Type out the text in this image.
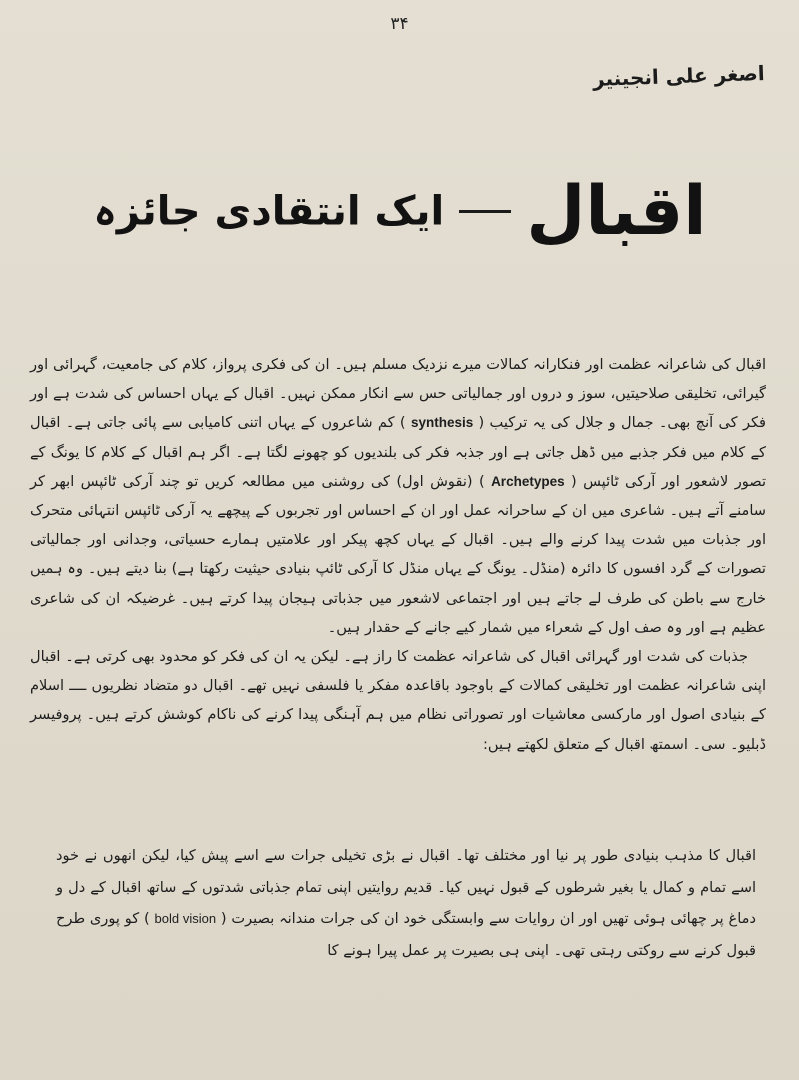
۳۴
اصغر علی انجینیر
اقبال  ایک انتقادی جائزہ

اقبال کی شاعرانہ عظمت اور فنکارانہ کمالات میرے نزدیک مسلم ہیں۔ ان کی فکری پرواز، کلام کی جامعیت، گہرائی اور گیرائی، تخلیقی صلاحیتیں، سوز و دروں اور جمالیاتی حس سے انکار ممکن نہیں۔ اقبال کے یہاں احساس کی شدت ہے اور فکر کی آنچ بھی۔ جمال و جلال کی یہ ترکیب ( synthesis ) کم شاعروں کے یہاں اتنی کامیابی سے پائی جاتی ہے۔ اقبال کے کلام میں فکر جذبے میں ڈھل جاتی ہے اور جذبہ فکر کی بلندیوں کو چھونے لگتا ہے۔ اگر ہم اقبال کے کلام کا یونگ کے تصور لاشعور اور آرکی ٹائپس ( Archetypes ) (نقوش اول) کی روشنی میں مطالعہ کریں تو چند آرکی ٹائپس ابھر کر سامنے آتے ہیں۔ شاعری میں ان کے ساحرانہ عمل اور ان کے احساس اور تجربوں کے پیچھے یہ آرکی ٹائپس انتہائی متحرک اور جذبات میں شدت پیدا کرنے والے ہیں۔ اقبال کے یہاں کچھ پیکر اور علامتیں ہمارے حسیاتی، وجدانی اور جمالیاتی تصورات کے گرد افسوں کا دائرہ (منڈل۔ یونگ کے یہاں منڈل کا آرکی ٹائپ بنیادی حیثیت رکھتا ہے) بنا دیتے ہیں۔ وہ ہمیں خارج سے باطن کی طرف لے جاتے ہیں اور اجتماعی لاشعور میں جذباتی ہیجان پیدا کرتے ہیں۔ غرضیکہ ان کی شاعری عظیم ہے اور وہ صف اول کے شعراء میں شمار کیے جانے کے حقدار ہیں۔

جذبات کی شدت اور گہرائی اقبال کی شاعرانہ عظمت کا راز ہے۔ لیکن یہ ان کی فکر کو محدود بھی کرتی ہے۔ اقبال اپنی شاعرانہ عظمت اور تخلیقی کمالات کے باوجود باقاعدہ مفکر یا فلسفی نہیں تھے۔ اقبال دو متضاد نظریوں ــــ اسلام کے بنیادی اصول اور مارکسی معاشیات اور تصوراتی نظام میں ہم آہنگی پیدا کرنے کی ناکام کوشش کرتے ہیں۔ پروفیسر ڈبلیو۔ سی۔ اسمتھ اقبال کے متعلق لکھتے ہیں:

اقبال کا مذہب بنیادی طور پر نیا اور مختلف تھا۔ اقبال نے بڑی تخیلی جرات سے اسے پیش کیا، لیکن انھوں نے خود اسے تمام و کمال یا بغیر شرطوں کے قبول نہیں کیا۔ قدیم روایتیں اپنی تمام جذباتی شدتوں کے ساتھ اقبال کے دل و دماغ پر چھائی ہوئی تھیں اور ان روایات سے وابستگی خود ان کی جرات مندانہ بصیرت ( bold vision ) کو پوری طرح قبول کرنے سے روکتی رہتی تھی۔ اپنی ہی بصیرت پر عمل پیرا ہونے کا
